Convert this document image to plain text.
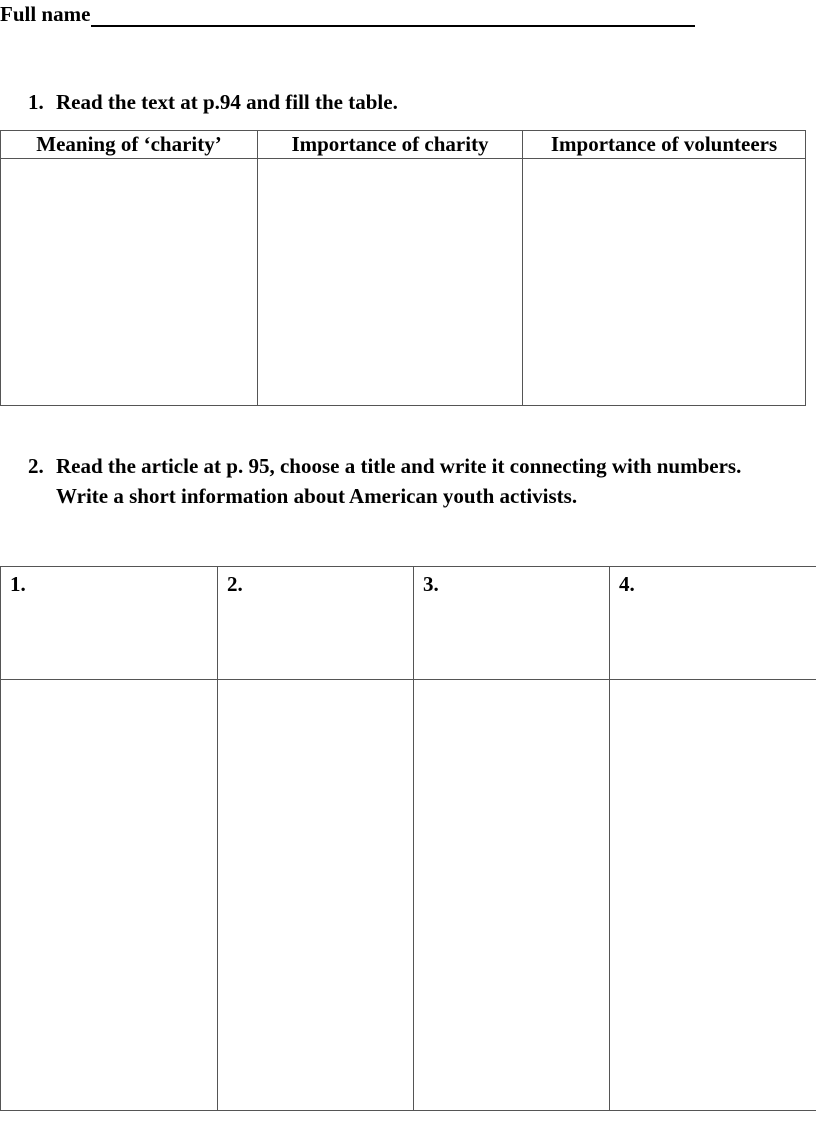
Full name
1. Read the text at p.94 and fill the table.
Meaning of ‘charity’	Importance of charity	Importance of volunteers

2. Read the article at p. 95, choose a title and write it connecting with numbers. Write a short information about American youth activists.
1.	2.	3.	4.
